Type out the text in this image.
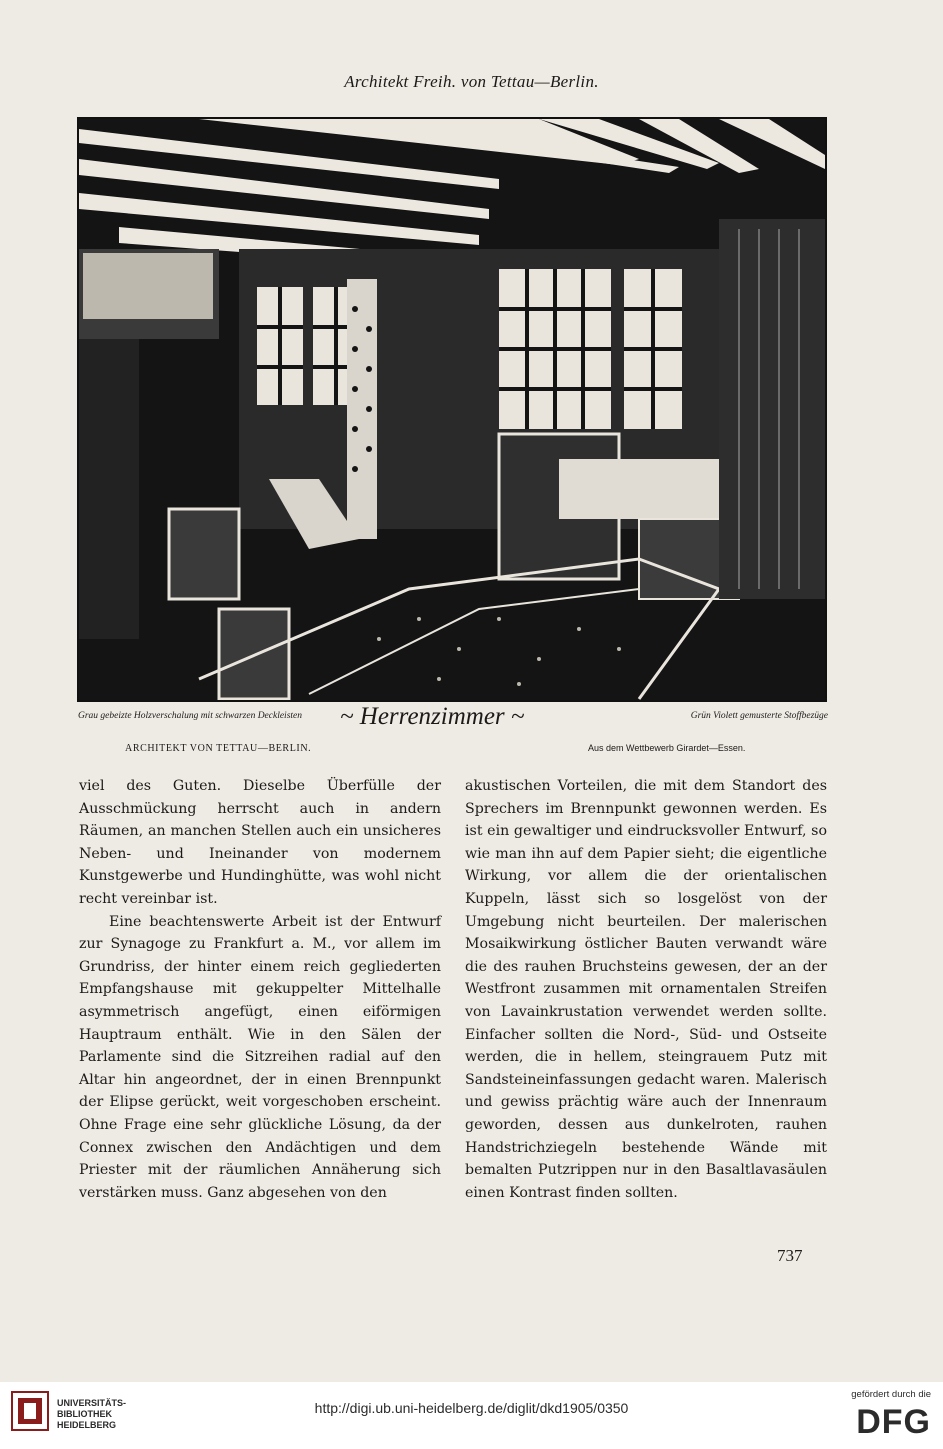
Architekt Freih. von Tettau—Berlin.
Grau gebeizte Holzverschalung mit schwarzen Deckleisten ~ Herrenzimmer ~	Grün Violett gemusterte Stoffbezüge
ARCHITEKT VON TETTAU—BERLIN.	Aus dem Wettbewerb Girardet—Essen.

viel des Guten. Dieselbe Überfülle der Ausschmückung herrscht auch in andern Räumen, an manchen Stellen auch ein unsicheres Neben- und Ineinander von modernem Kunstgewerbe und Hundinghütte, was wohl nicht recht vereinbar ist.

Eine beachtenswerte Arbeit ist der Entwurf zur Synagoge zu Frankfurt a. M., vor allem im Grundriss, der hinter einem reich gegliederten Empfangshause mit gekuppelter Mittelhalle asymmetrisch angefügt, einen eiförmigen Hauptraum enthält. Wie in den Sälen der Parlamente sind die Sitzreihen radial auf den Altar hin angeordnet, der in einen Brennpunkt der Elipse gerückt, weit vorgeschoben erscheint. Ohne Frage eine sehr glückliche Lösung, da der Connex zwischen den Andächtigen und dem Priester mit der räumlichen Annäherung sich verstärken muss. Ganz abgesehen von den

akustischen Vorteilen, die mit dem Standort des Sprechers im Brennpunkt gewonnen werden. Es ist ein gewaltiger und eindrucksvoller Entwurf, so wie man ihn auf dem Papier sieht; die eigentliche Wirkung, vor allem die der orientalischen Kuppeln, lässt sich so losgelöst von der Umgebung nicht beurteilen. Der malerischen Mosaikwirkung östlicher Bauten verwandt wäre die des rauhen Bruchsteins gewesen, der an der Westfront zusammen mit ornamentalen Streifen von Lavainkrustation verwendet werden sollte. Einfacher sollten die Nord-, Süd- und Ostseite werden, die in hellem, steingrauem Putz mit Sandsteineinfassungen gedacht waren. Malerisch und gewiss prächtig wäre auch der Innenraum geworden, dessen aus dunkelroten, rauhen Handstrichziegeln bestehende Wände mit bemalten Putzrippen nur in den Basaltlavasäulen einen Kontrast finden sollten.

737
UNIVERSITÄTS-
BIBLIOTHEK
HEIDELBERG
http://digi.ub.uni-heidelberg.de/diglit/dkd1905/0350
gefördert durch die
DFG
